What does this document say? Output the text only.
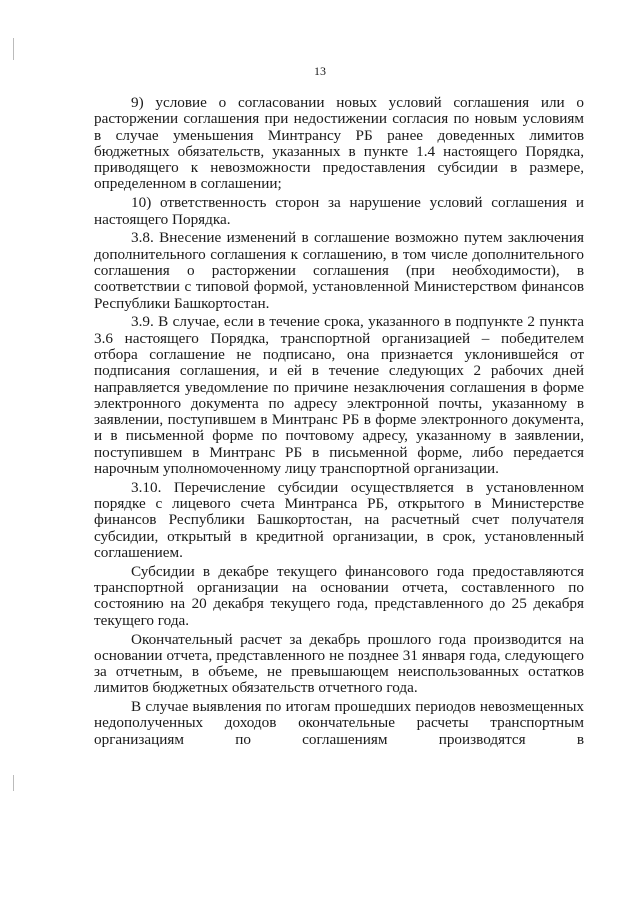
13

9) условие о согласовании новых условий соглашения или о расторжении соглашения при недостижении согласия по новым условиям в случае уменьшения Минтрансу РБ ранее доведенных лимитов бюджетных обязательств, указанных в пункте 1.4 настоящего Порядка, приводящего к невозможности предоставления субсидии в размере, определенном в соглашении;

10) ответственность сторон за нарушение условий соглашения и настоящего Порядка.

3.8. Внесение изменений в соглашение возможно путем заключения дополнительного соглашения к соглашению, в том числе дополнительного соглашения о расторжении соглашения (при необходимости), в соответствии с типовой формой, установленной Министерством финансов Республики Башкортостан.

3.9. В случае, если в течение срока, указанного в подпункте 2 пункта 3.6 настоящего Порядка, транспортной организацией – победителем отбора соглашение не подписано, она признается уклонившейся от подписания соглашения, и ей в течение следующих 2 рабочих дней направляется уведомление по причине незаключения соглашения в форме электронного документа по адресу электронной почты, указанному в заявлении, поступившем в Минтранс РБ в форме электронного документа, и в письменной форме по почтовому адресу, указанному в заявлении, поступившем в Минтранс РБ в письменной форме, либо передается нарочным уполномоченному лицу транспортной организации.

3.10. Перечисление субсидии осуществляется в установленном порядке с лицевого счета Минтранса РБ, открытого в Министерстве финансов Республики Башкортостан, на расчетный счет получателя субсидии, открытый в кредитной организации, в срок, установленный соглашением.

Субсидии в декабре текущего финансового года предоставляются транспортной организации на основании отчета, составленного по состоянию на 20 декабря текущего года, представленного до 25 декабря текущего года.

Окончательный расчет за декабрь прошлого года производится на основании отчета, представленного не позднее 31 января года, следующего за отчетным, в объеме, не превышающем неиспользованных остатков лимитов бюджетных обязательств отчетного года.

В случае выявления по итогам прошедших периодов невозмещенных недополученных доходов окончательные расчеты транспортным организациям по соглашениям производятся в
